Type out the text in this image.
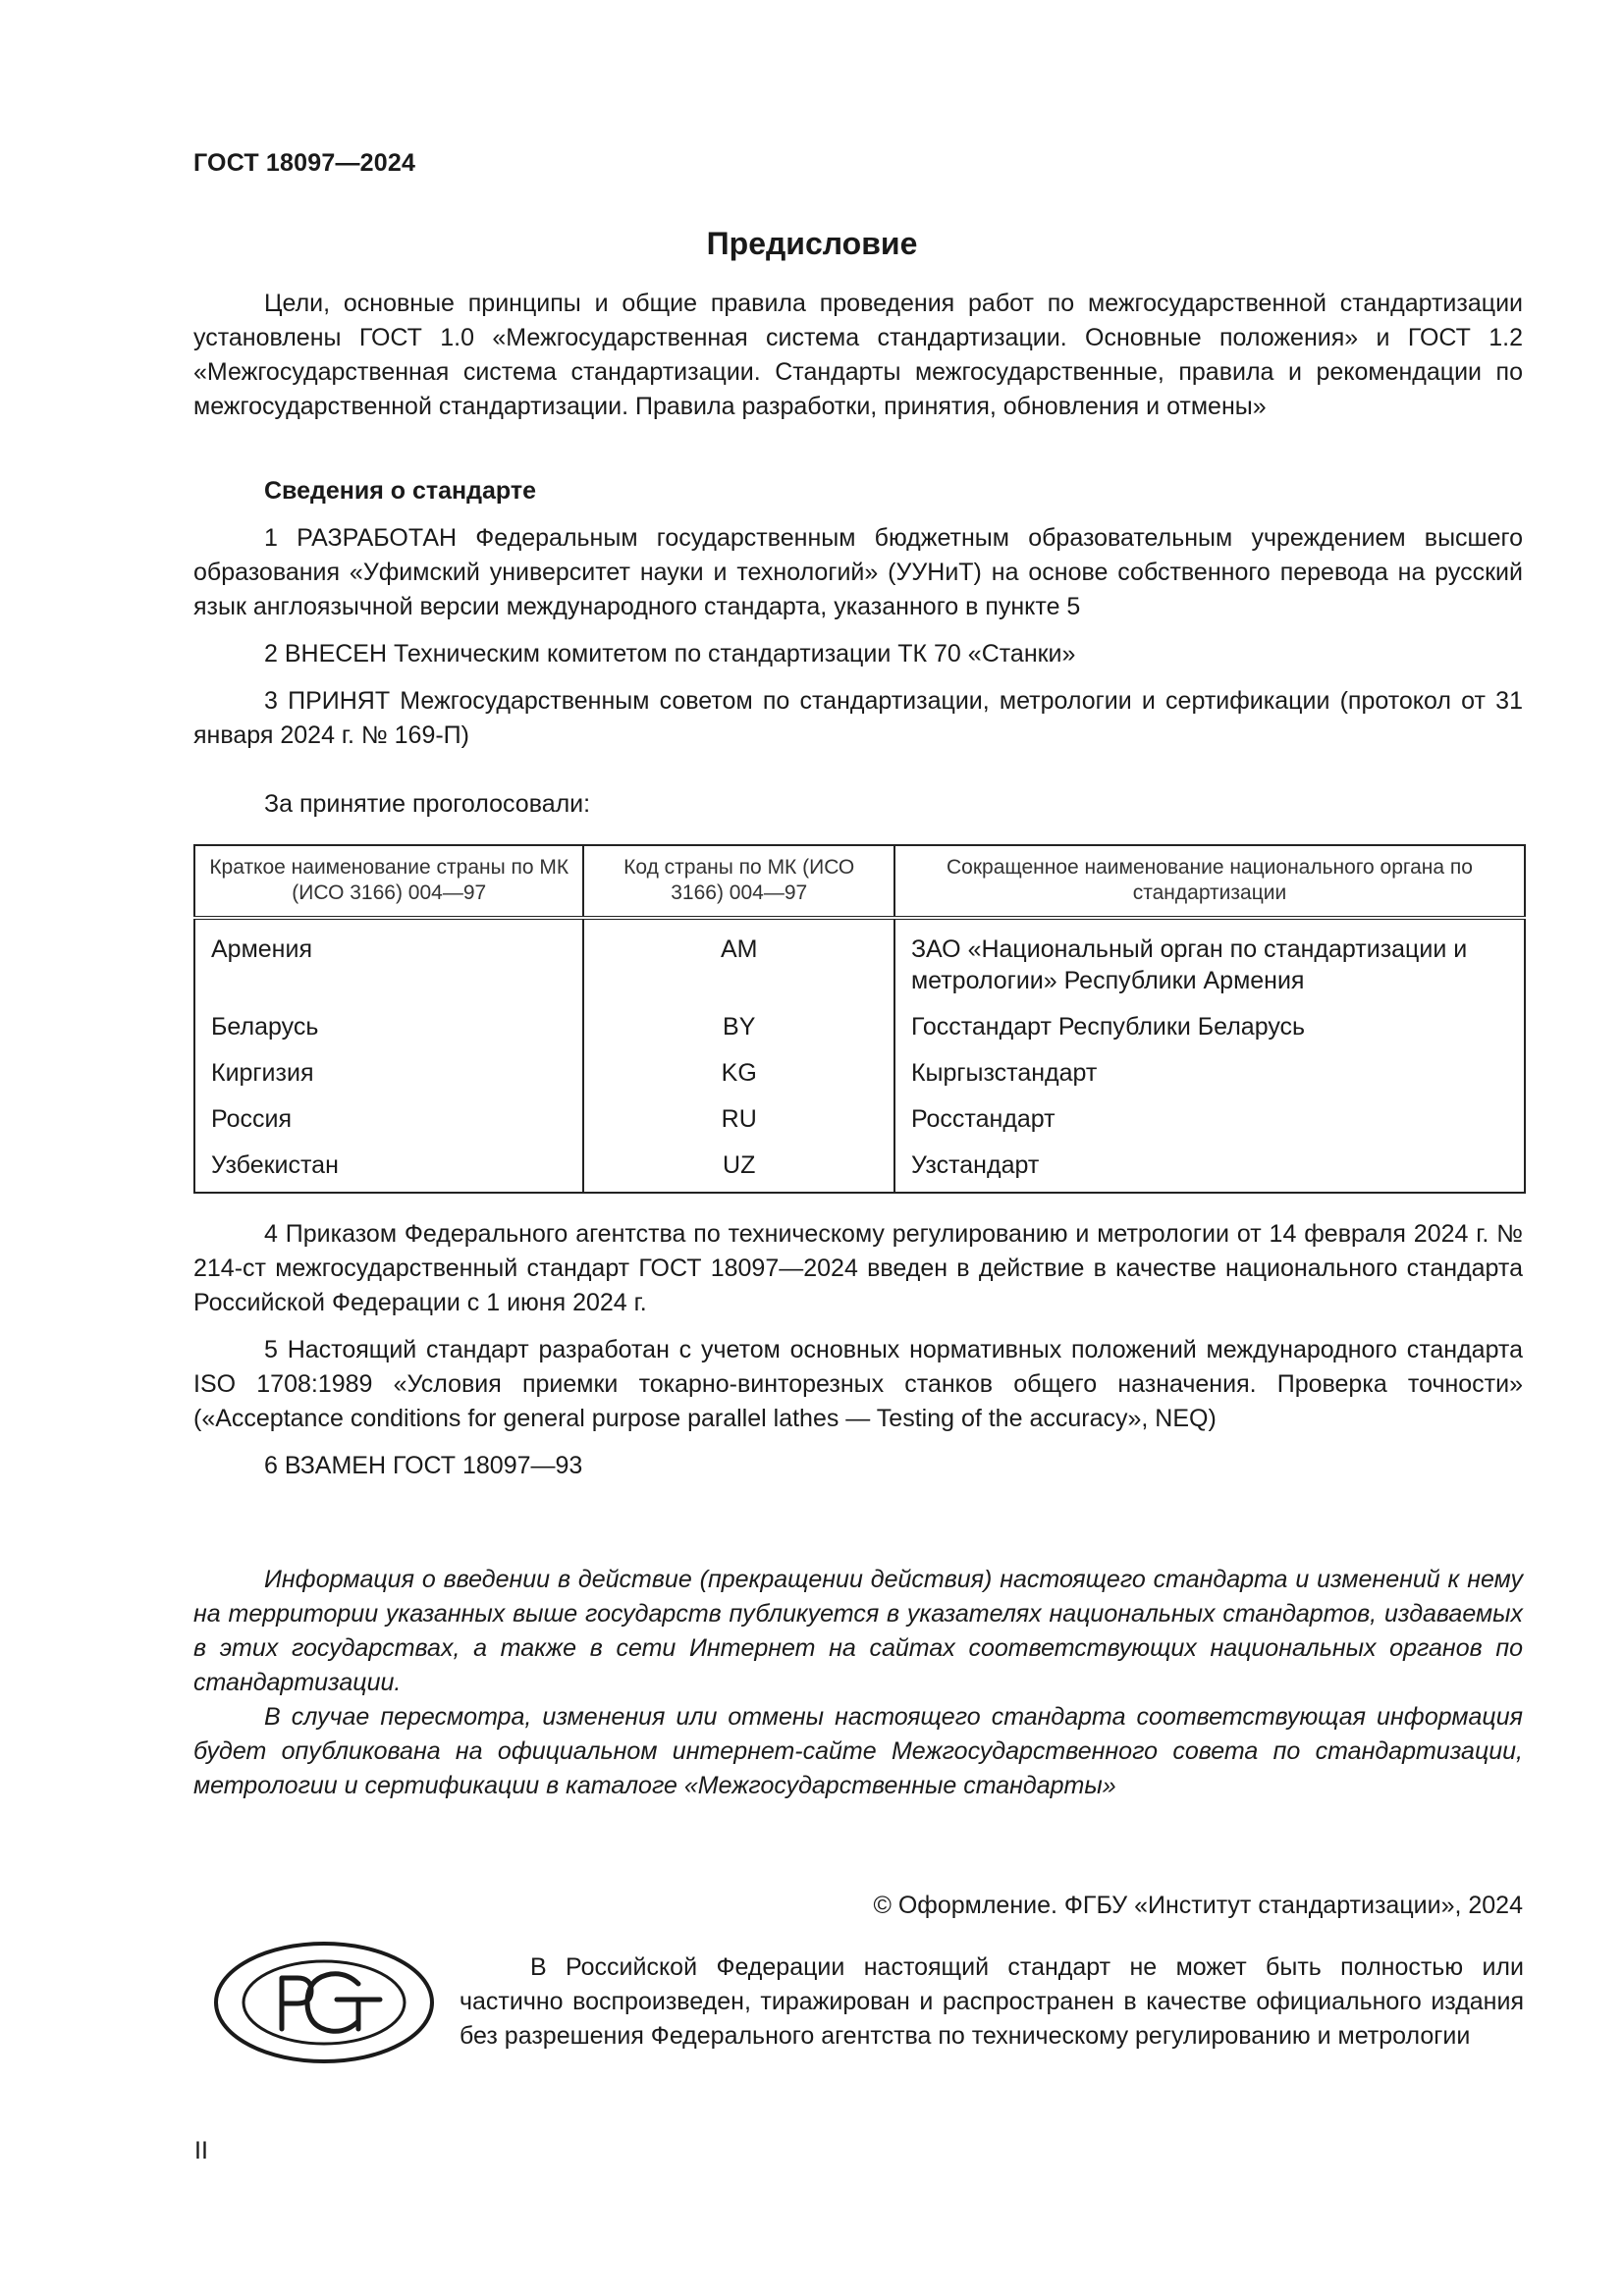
ГОСТ 18097—2024
Предисловие

Цели, основные принципы и общие правила проведения работ по межгосударственной стандартизации установлены ГОСТ 1.0 «Межгосударственная система стандартизации. Основные положения» и ГОСТ 1.2 «Межгосударственная система стандартизации. Стандарты межгосударственные, правила и рекомендации по межгосударственной стандартизации. Правила разработки, принятия, обновления и отмены»

Сведения о стандарте

1 РАЗРАБОТАН Федеральным государственным бюджетным образовательным учреждением высшего образования «Уфимский университет науки и технологий» (УУНиТ) на основе собственного перевода на русский язык англоязычной версии международного стандарта, указанного в пункте 5

2 ВНЕСЕН Техническим комитетом по стандартизации ТК 70 «Станки»

3 ПРИНЯТ Межгосударственным советом по стандартизации, метрологии и сертификации (протокол от 31 января 2024 г. № 169-П)

За принятие проголосовали:
Краткое наименование страны по МК (ИСО 3166) 004—97	Код страны по МК (ИСО 3166) 004—97	Сокращенное наименование национального органа по стандартизации
Армения	AM	ЗАО «Национальный орган по стандартизации и метрологии» Республики Армения
Беларусь	BY	Госстандарт Республики Беларусь
Киргизия	KG	Кыргызстандарт
Россия	RU	Росстандарт
Узбекистан	UZ	Узстандарт

4 Приказом Федерального агентства по техническому регулированию и метрологии от 14 февраля 2024 г. № 214-ст межгосударственный стандарт ГОСТ 18097—2024 введен в действие в качестве национального стандарта Российской Федерации с 1 июня 2024 г.

5 Настоящий стандарт разработан с учетом основных нормативных положений международного стандарта ISO 1708:1989 «Условия приемки токарно-винторезных станков общего назначения. Проверка точности» («Acceptance conditions for general purpose parallel lathes — Testing of the accuracy», NEQ)

6 ВЗАМЕН ГОСТ 18097—93

Информация о введении в действие (прекращении действия) настоящего стандарта и изменений к нему на территории указанных выше государств публикуется в указателях национальных стандартов, издаваемых в этих государствах, а также в сети Интернет на сайтах соответствующих национальных органов по стандартизации.

В случае пересмотра, изменения или отмены настоящего стандарта соответствующая информация будет опубликована на официальном интернет-сайте Межгосударственного совета по стандартизации, метрологии и сертификации в каталоге «Межгосударственные стандарты»

© Оформление. ФГБУ «Институт стандартизации», 2024

В Российской Федерации настоящий стандарт не может быть полностью или частично воспроизведен, тиражирован и распространен в качестве официального издания без разрешения Федерального агентства по техническому регулированию и метрологии

II
